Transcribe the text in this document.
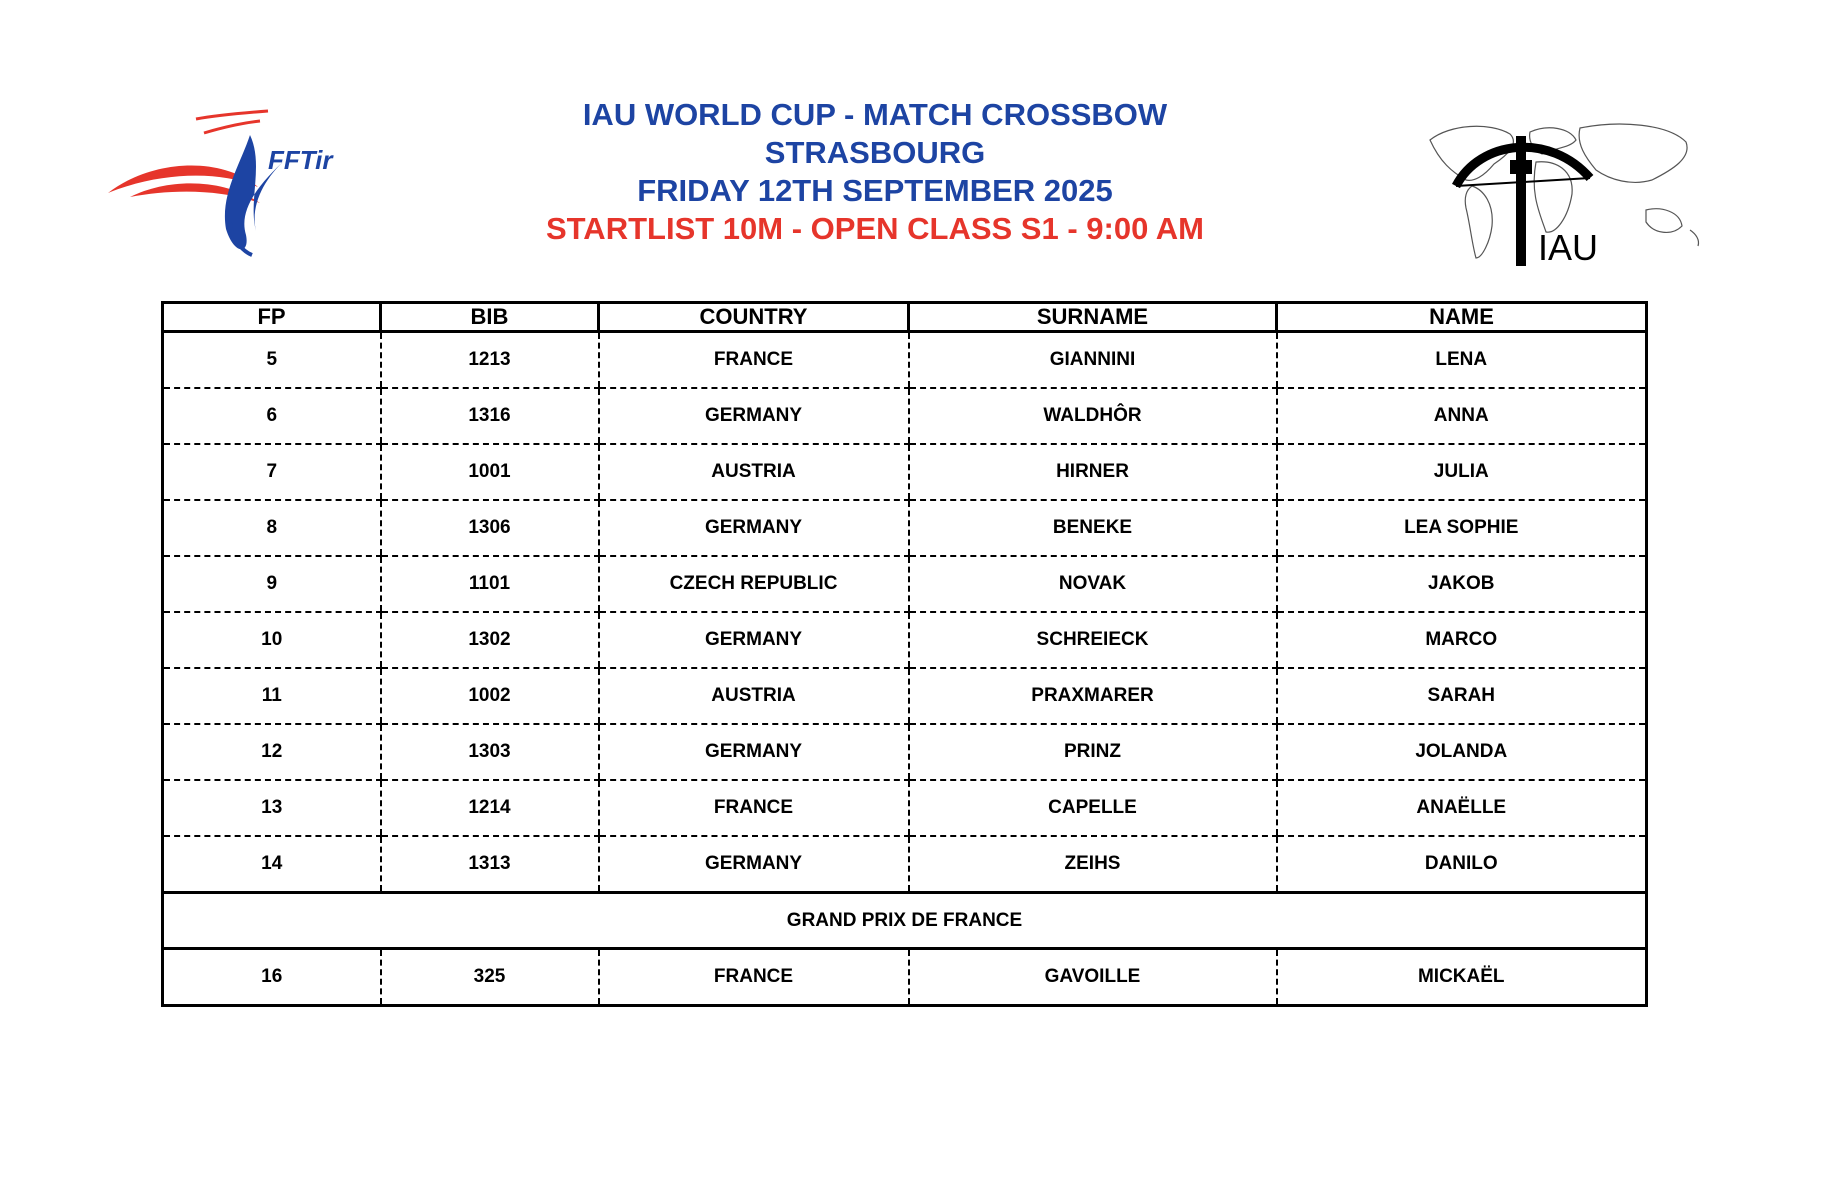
FFTir
IAU WORLD CUP - MATCH CROSSBOW
STRASBOURG
FRIDAY 12TH SEPTEMBER 2025
STARTLIST 10M - OPEN CLASS S1 - 9:00 AM	IAU
FP	BIB	COUNTRY	SURNAME	NAME
5	1213	FRANCE	GIANNINI	LENA
6	1316	GERMANY	WALDHÔR	ANNA
7	1001	AUSTRIA	HIRNER	JULIA
8	1306	GERMANY	BENEKE	LEA SOPHIE
9	1101	CZECH REPUBLIC	NOVAK	JAKOB
10	1302	GERMANY	SCHREIECK	MARCO
11	1002	AUSTRIA	PRAXMARER	SARAH
12	1303	GERMANY	PRINZ	JOLANDA
13	1214	FRANCE	CAPELLE	ANAËLLE
14	1313	GERMANY	ZEIHS	DANILO
GRAND PRIX DE FRANCE				
16	325	FRANCE	GAVOILLE	MICKAËL
